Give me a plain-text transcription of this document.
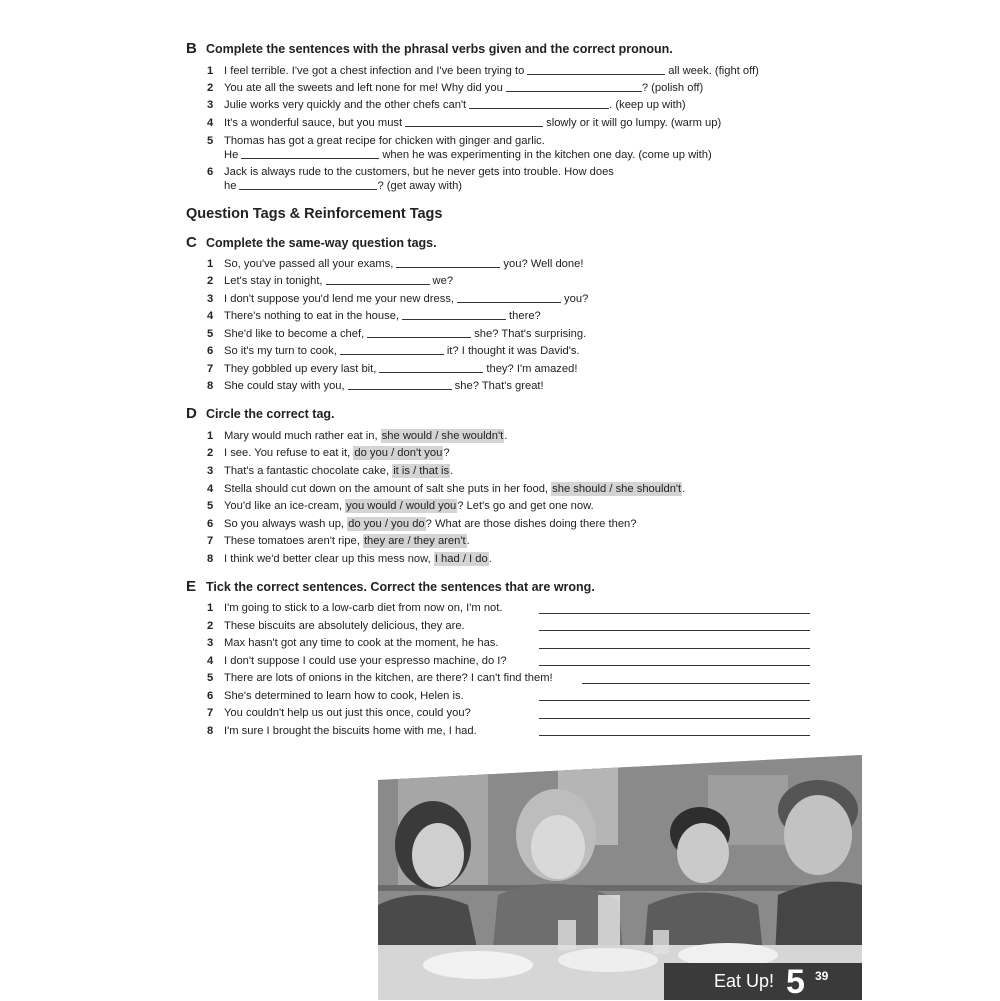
B Complete the sentences with the phrasal verbs given and the correct pronoun.
1 I feel terrible. I've got a chest infection and I've been trying to	all week. (fight off)
2 You ate all the sweets and left none for me! Why did you	? (polish off)
3 Julie works very quickly and the other chefs can't	. (keep up with)
4 It's a wonderful sauce, but you must	slowly or it will go lumpy. (warm up)
5 Thomas has got a great recipe for chicken with ginger and garlic.
He	when he was experimenting in the kitchen one day. (come up with)
6 Jack is always rude to the customers, but he never gets into trouble. How does
he	? (get away with)
Question Tags & Reinforcement Tags
C Complete the same-way question tags.
1 So, you've passed all your exams,	you? Well done!
2 Let's stay in tonight,	we?
3 I don't suppose you'd lend me your new dress,	you?
4 There's nothing to eat in the house,	there?
5 She'd like to become a chef,	she? That's surprising.
6 So it's my turn to cook,	it? I thought it was David's.
7 They gobbled up every last bit,	they? I'm amazed!
8 She could stay with you,	she? That's great!
D Circle the correct tag.
1 Mary would much rather eat in,
she would / she wouldn't .
2 I see. You refuse to eat it,
do you / don't you ?
3 That's a fantastic chocolate cake,
it is / that is .
4 Stella should cut down on the amount of salt she puts in her food,
she should / she shouldn't .
5 You'd like an ice-cream,
you would / would you ? Let's go and get one now.
6 So you always wash up,
do you / you do ? What are those dishes doing there then?
7 These tomatoes aren't ripe,
they are / they aren't .
8 I think we'd better clear up this mess now,
I had / I do .
E Tick the correct sentences. Correct the sentences that are wrong.
1 I'm going to stick to a low-carb diet from now on, I'm not.
2 These biscuits are absolutely delicious, they are.
3 Max hasn't got any time to cook at the moment, he has.
4 I don't suppose I could use your espresso machine, do I?
5 There are lots of onions in the kitchen, are there? I can't find them!
6 She's determined to learn how to cook, Helen is.
7 You couldn't help us out just this once, could you?
8 I'm sure I brought the biscuits home with me, I had.
Eat Up! 5 39
